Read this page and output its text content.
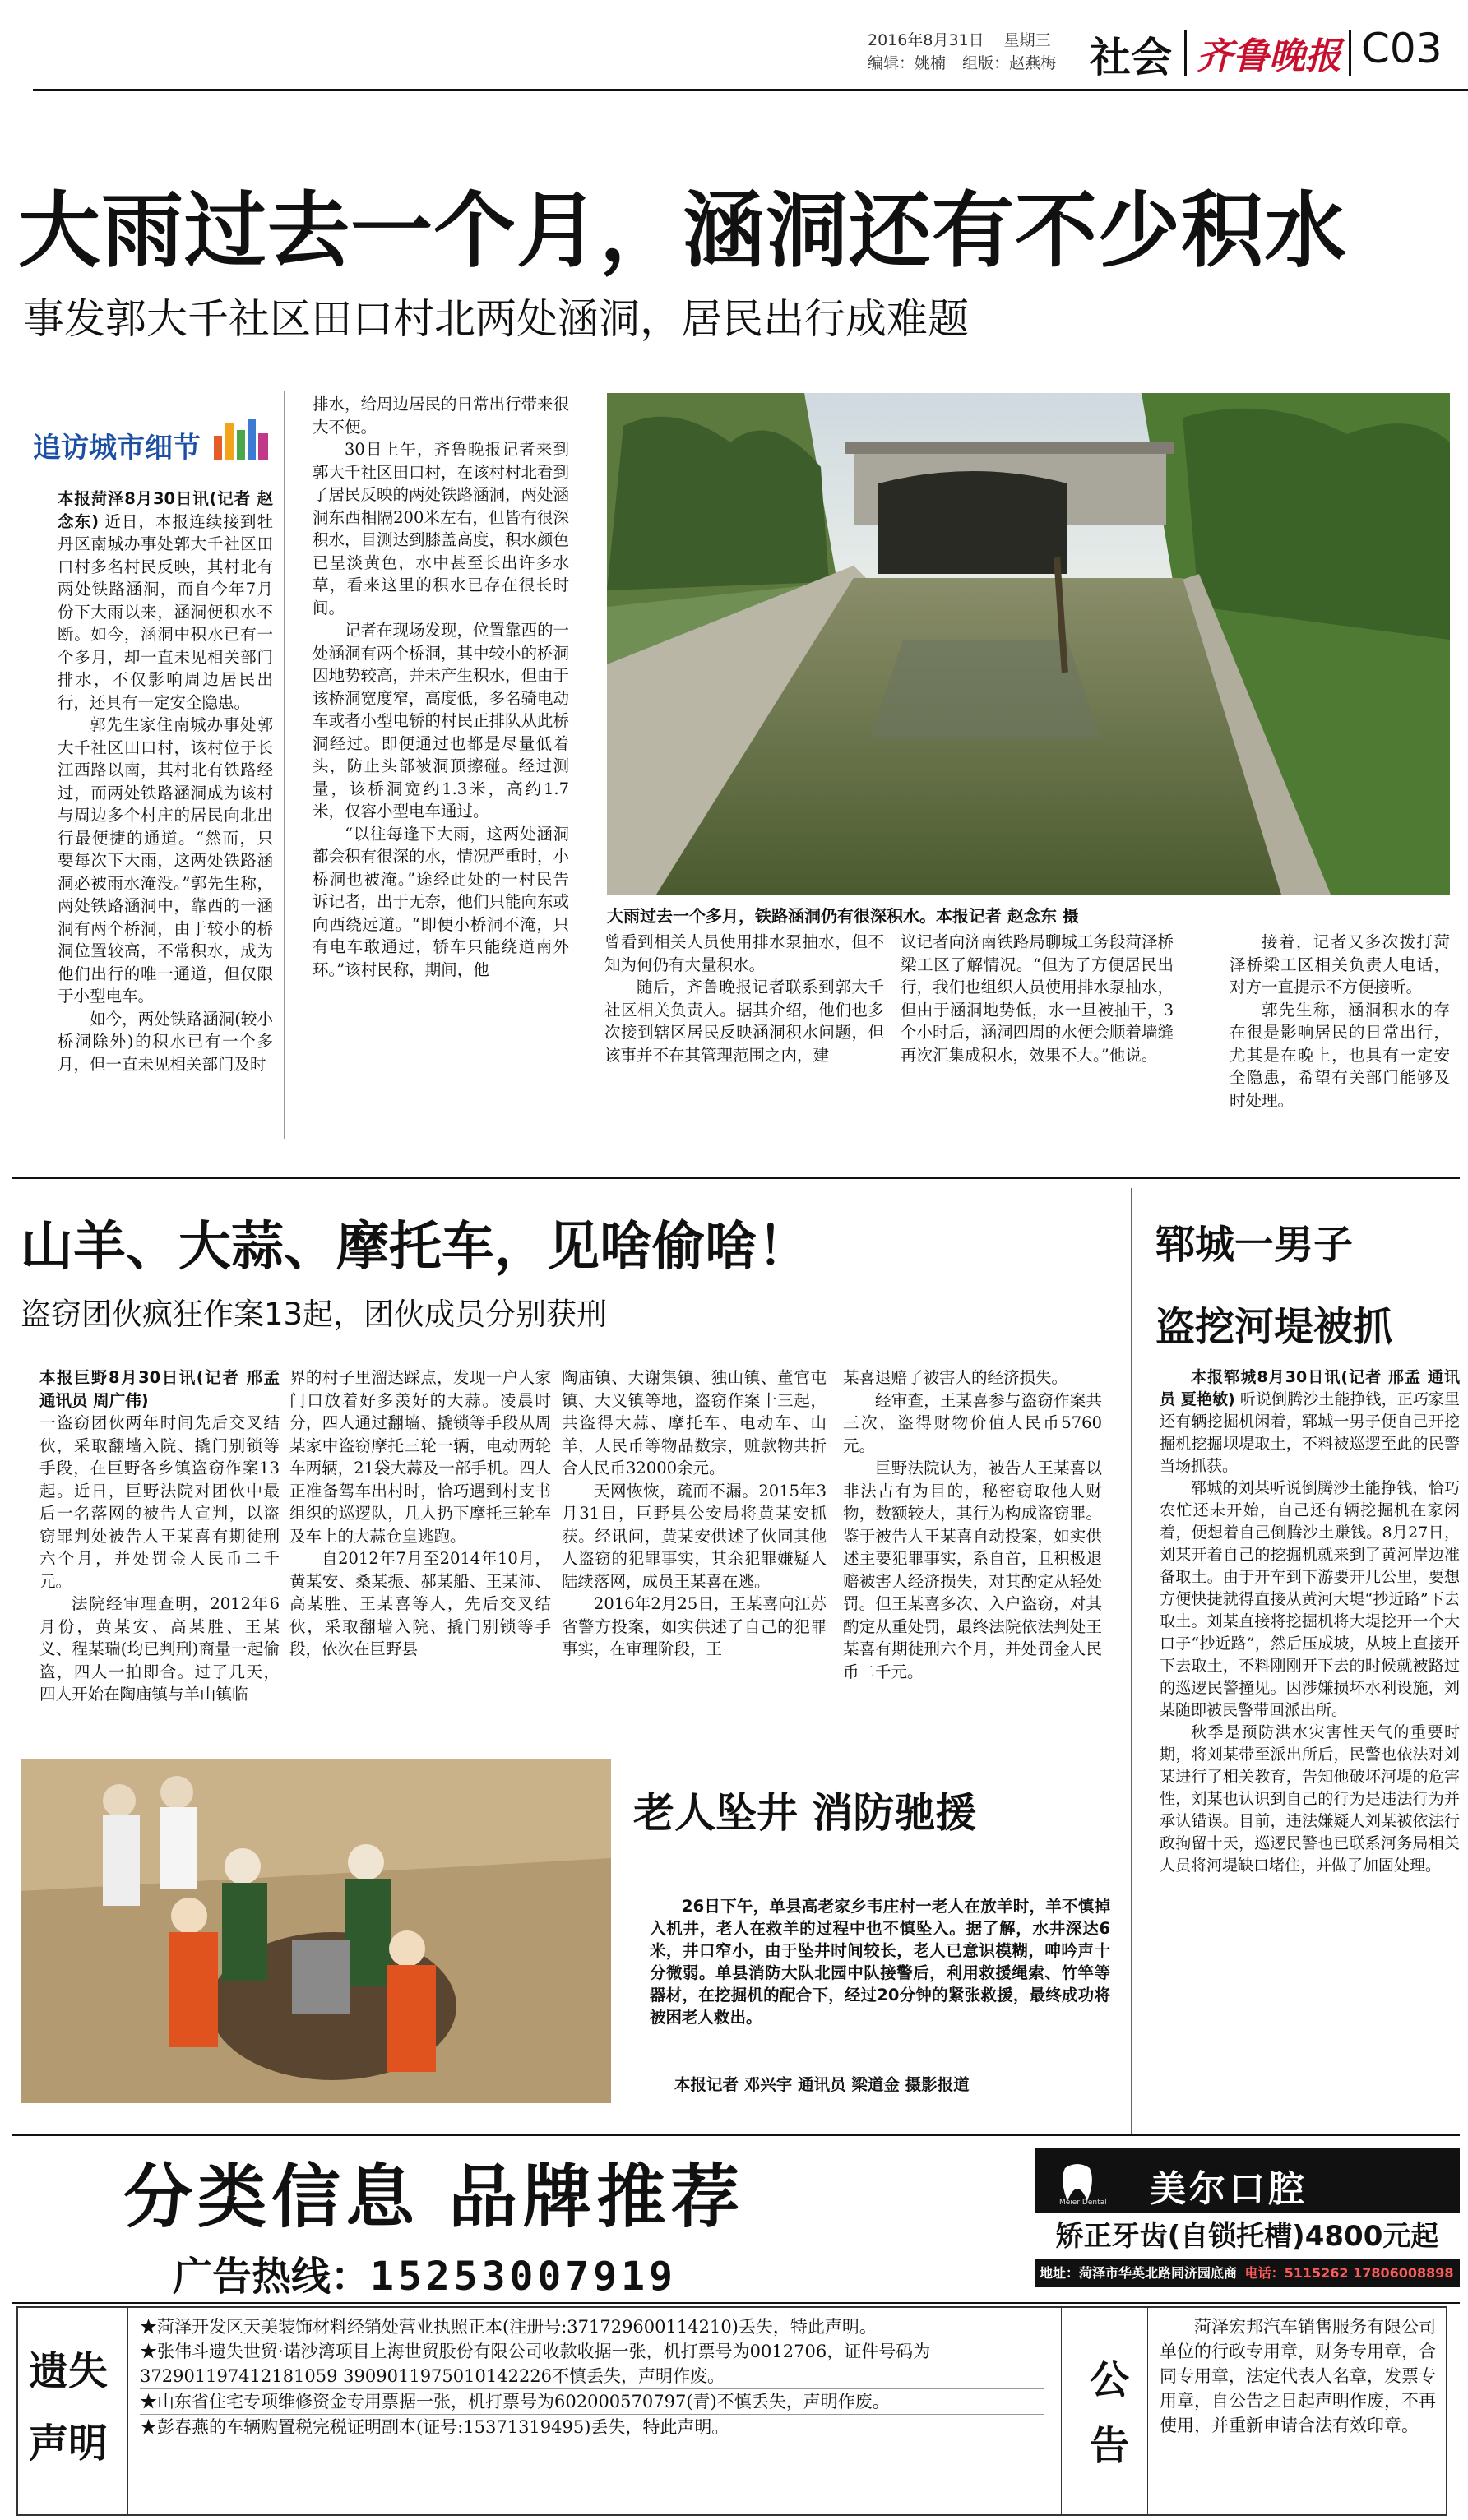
2016年8月31日 星期三
编辑：姚楠 组版：赵燕梅 社会 齐鲁晚报 C03
大雨过去一个月，涵洞还有不少积水
事发郭大千社区田口村北两处涵洞，居民出行成难题
追访城市细节

本报菏泽8月30日讯(记者 赵念东) 近日，本报连续接到牡丹区南城办事处郭大千社区田口村多名村民反映，其村北有两处铁路涵洞，而自今年7月份下大雨以来，涵洞便积水不断。如今，涵洞中积水已有一个多月，却一直未见相关部门排水，不仅影响周边居民出行，还具有一定安全隐患。

郭先生家住南城办事处郭大千社区田口村，该村位于长江西路以南，其村北有铁路经过，而两处铁路涵洞成为该村与周边多个村庄的居民向北出行最便捷的通道。“然而，只要每次下大雨，这两处铁路涵洞必被雨水淹没。”郭先生称，两处铁路涵洞中，靠西的一涵洞有两个桥洞，由于较小的桥洞位置较高，不常积水，成为他们出行的唯一通道，但仅限于小型电车。

如今，两处铁路涵洞(较小桥洞除外)的积水已有一个多月，但一直未见相关部门及时

排水，给周边居民的日常出行带来很大不便。

30日上午，齐鲁晚报记者来到郭大千社区田口村，在该村村北看到了居民反映的两处铁路涵洞，两处涵洞东西相隔200米左右，但皆有很深积水，目测达到膝盖高度，积水颜色已呈淡黄色，水中甚至长出许多水草，看来这里的积水已存在很长时间。

记者在现场发现，位置靠西的一处涵洞有两个桥洞，其中较小的桥洞因地势较高，并未产生积水，但由于该桥洞宽度窄，高度低，多名骑电动车或者小型电轿的村民正排队从此桥洞经过。即便通过也都是尽量低着头，防止头部被洞顶擦碰。经过测量，该桥洞宽约1.3米，高约1.7米，仅容小型电车通过。

“以往每逢下大雨，这两处涵洞都会积有很深的水，情况严重时，小桥洞也被淹。”途经此处的一村民告诉记者，出于无奈，他们只能向东或向西绕远道。“即便小桥洞不淹，只有电车敢通过，轿车只能绕道南外环。”该村民称，期间，他

大雨过去一个多月，铁路涵洞仍有很深积水。本报记者 赵念东 摄

曾看到相关人员使用排水泵抽水，但不知为何仍有大量积水。

随后，齐鲁晚报记者联系到郭大千社区相关负责人。据其介绍，他们也多次接到辖区居民反映涵洞积水问题，但该事并不在其管理范围之内，建

议记者向济南铁路局聊城工务段菏泽桥梁工区了解情况。“但为了方便居民出行，我们也组织人员使用排水泵抽水，但由于涵洞地势低，水一旦被抽干，3个小时后，涵洞四周的水便会顺着墙缝再次汇集成积水，效果不大。”他说。

接着，记者又多次拨打菏泽桥梁工区相关负责人电话，对方一直提示不方便接听。

郭先生称，涵洞积水的存在很是影响居民的日常出行，尤其是在晚上，也具有一定安全隐患，希望有关部门能够及时处理。

山羊、大蒜、摩托车，见啥偷啥！
盗窃团伙疯狂作案13起，团伙成员分别获刑

本报巨野8月30日讯(记者 邢孟 通讯员 周广伟)

一盗窃团伙两年时间先后交叉结伙，采取翻墙入院、撬门别锁等手段，在巨野各乡镇盗窃作案13起。近日，巨野法院对团伙中最后一名落网的被告人宣判，以盗窃罪判处被告人王某喜有期徒刑六个月，并处罚金人民币二千元。

法院经审理查明，2012年6月份，黄某安、高某胜、王某义、程某瑞(均已判刑)商量一起偷盗，四人一拍即合。过了几天，四人开始在陶庙镇与羊山镇临

界的村子里溜达踩点，发现一户人家门口放着好多羡好的大蒜。凌晨时分，四人通过翻墙、撬锁等手段从周某家中盗窃摩托三轮一辆，电动两轮车两辆，21袋大蒜及一部手机。四人正准备驾车出村时，恰巧遇到村支书组织的巡逻队，几人扔下摩托三轮车及车上的大蒜仓皇逃跑。

自2012年7月至2014年10月，黄某安、桑某振、郝某船、王某沛、高某胜、王某喜等人，先后交叉结伙，采取翻墙入院、撬门别锁等手段，依次在巨野县

陶庙镇、大谢集镇、独山镇、董官屯镇、大义镇等地，盗窃作案十三起，共盗得大蒜、摩托车、电动车、山羊，人民币等物品数宗，赃款物共折合人民币32000余元。

天网恢恢，疏而不漏。2015年3月31日，巨野县公安局将黄某安抓获。经讯问，黄某安供述了伙同其他人盗窃的犯罪事实，其余犯罪嫌疑人陆续落网，成员王某喜在逃。

2016年2月25日，王某喜向江苏省警方投案，如实供述了自己的犯罪事实，在审理阶段，王

某喜退赔了被害人的经济损失。

经审查，王某喜参与盗窃作案共三次，盗得财物价值人民币5760元。

巨野法院认为，被告人王某喜以非法占有为目的，秘密窃取他人财物，数额较大，其行为构成盗窃罪。鉴于被告人王某喜自动投案，如实供述主要犯罪事实，系自首，且积极退赔被害人经济损失，对其酌定从轻处罚。但王某喜多次、入户盗窃，对其酌定从重处罚，最终法院依法判处王某喜有期徒刑六个月，并处罚金人民币二千元。

郓城一男子
盗挖河堤被抓

本报郓城8月30日讯(记者 邢孟 通讯员 夏艳敏) 听说倒腾沙土能挣钱，正巧家里还有辆挖掘机闲着，郓城一男子便自己开挖掘机挖掘坝堤取土，不料被巡逻至此的民警当场抓获。

郓城的刘某听说倒腾沙土能挣钱，恰巧农忙还未开始，自己还有辆挖掘机在家闲着，便想着自己倒腾沙土赚钱。8月27日，刘某开着自己的挖掘机就来到了黄河岸边准备取土。由于开车到下游要开几公里，要想方便快捷就得直接从黄河大堤“抄近路”下去取土。刘某直接将挖掘机将大堤挖开一个大口子“抄近路”，然后压成坡，从坡上直接开下去取土，不料刚刚开下去的时候就被路过的巡逻民警撞见。因涉嫌损坏水利设施，刘某随即被民警带回派出所。

秋季是预防洪水灾害性天气的重要时期，将刘某带至派出所后，民警也依法对刘某进行了相关教育，告知他破坏河堤的危害性，刘某也认识到自己的行为是违法行为并承认错误。目前，违法嫌疑人刘某被依法行政拘留十天，巡逻民警也已联系河务局相关人员将河堤缺口堵住，并做了加固处理。

老人坠井 消防驰援
26日下午，单县高老家乡韦庄村一老人在放羊时，羊不慎掉入机井，老人在救羊的过程中也不慎坠入。据了解，水井深达6米，井口窄小，由于坠井时间较长，老人已意识模糊，呻吟声十分微弱。单县消防大队北园中队接警后，利用救援绳索、竹竿等器材，在挖掘机的配合下，经过20分钟的紧张救援，最终成功将被困老人救出。
本报记者 邓兴宇 通讯员 梁道金 摄影报道
分类信息 品牌推荐
广告热线：15253007919
Meier Dental 美尔口腔
矫正牙齿(自锁托槽)4800元起
地址：菏泽市华英北路同济园底商 电话：5115262 17806008898
遗失声明
★菏泽开发区天美装饰材料经销处营业执照正本(注册号:371729600114210)丢失，特此声明。
★张伟斗遗失世贸·诺沙湾项目上海世贸股份有限公司收款收据一张，机打票号为0012706，证件号码为372901197412181059 3909011975010142226不慎丢失，声明作废。
★山东省住宅专项维修资金专用票据一张，机打票号为602000570797(青)不慎丢失，声明作废。
★彭春燕的车辆购置税完税证明副本(证号:15371319495)丢失，特此声明。
公告
菏泽宏邦汽车销售服务有限公司单位的行政专用章，财务专用章，合同专用章，法定代表人名章，发票专用章，自公告之日起声明作废，不再使用，并重新申请合法有效印章。
